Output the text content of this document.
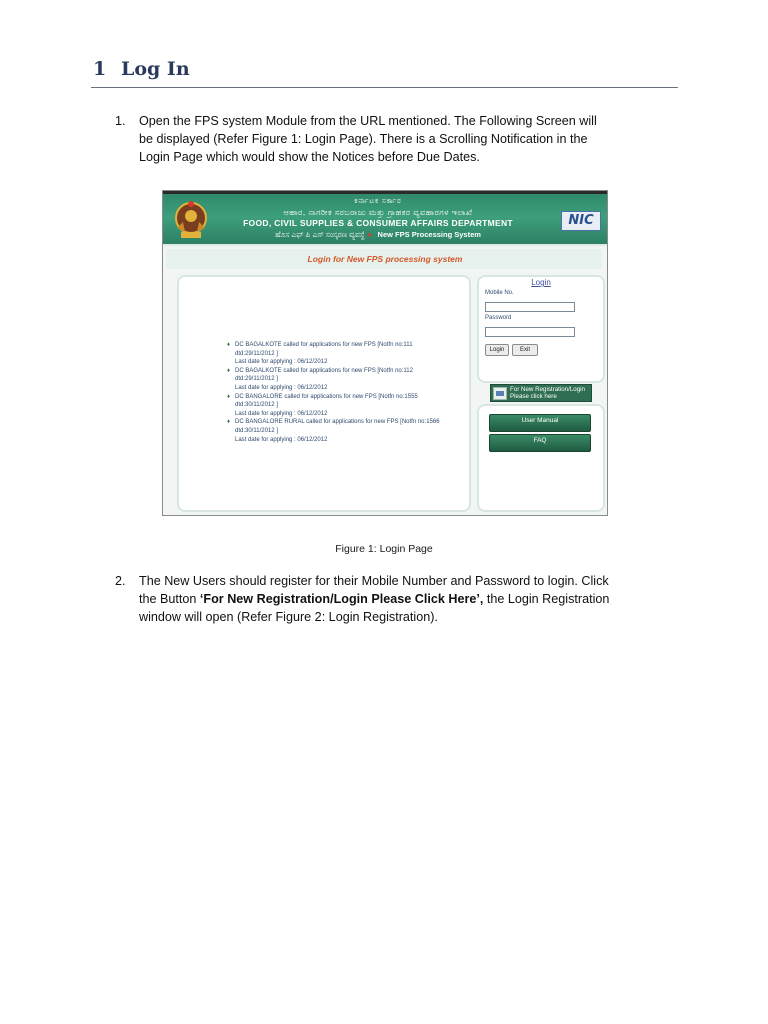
1 Log In
1. Open the FPS system Module from the URL mentioned. The Following Screen will
be displayed (Refer Figure 1: Login Page). There is a Scrolling Notification in the
Login Page which would show the Notices before Due Dates.
ಕರ್ನಾಟಕ ಸರ್ಕಾರ
ಆಹಾರ, ನಾಗರೀಕ ಸರಬರಾಜು ಮತ್ತು ಗ್ರಾಹಕರ ವ್ಯವಹಾರಗಳ ಇಲಾಖೆ
FOOD, CIVIL SUPPLIES & CONSUMER AFFAIRS DEPARTMENT
ಹೊಸ ಎಫ್ ಪಿ ಎಸ್ ಸಂಸ್ಕರಣ ವ್ಯವಸ್ಥೆ ● New FPS Processing System
NIC
Login for New FPS processing system
♦ DC BAGALKOTE called for applications for new FPS [Notfn no:111 dtd:29/11/2012 ]
Last date for applying : 06/12/2012
♦ DC BAGALKOTE called for applications for new FPS [Notfn no:112 dtd:29/11/2012 ]
Last date for applying : 06/12/2012
♦ DC BANGALORE called for applications for new FPS [Notfn no:1555 dtd:30/11/2012 ]
Last date for applying : 06/12/2012
♦ DC BANGALORE RURAL called for applications for new FPS [Notfn no:1566 dtd:30/11/2012 ]
Last date for applying : 06/12/2012
Login
Mobile No.
Password
Login	Exit
For New Registration/Login
Please click here
User Manual
FAQ
Figure 1: Login Page
2. The New Users should register for their Mobile Number and Password to login. Click
the Button ‘For New Registration/Login Please Click Here’, the Login Registration
window will open (Refer Figure 2: Login Registration).
